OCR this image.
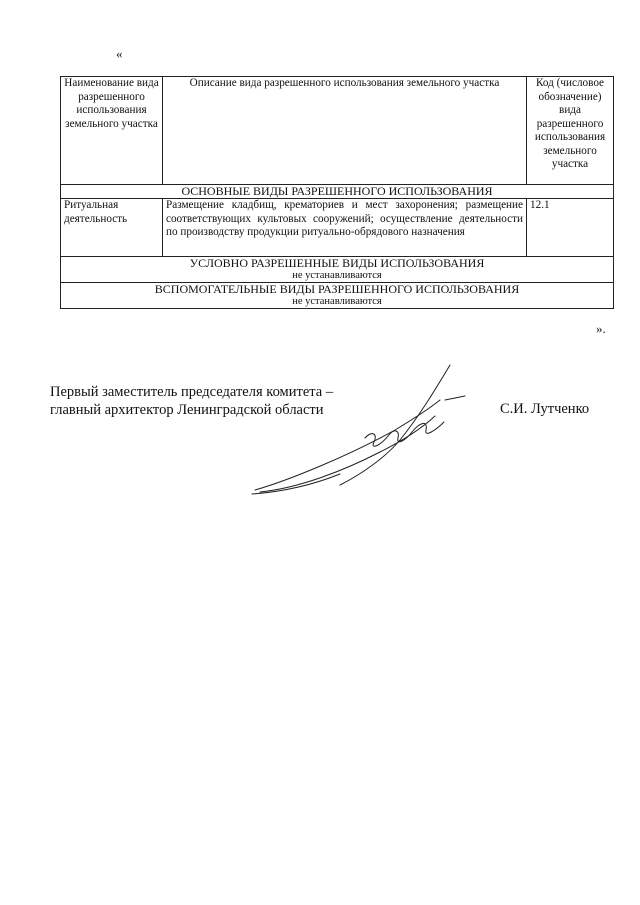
«
Наименование вида разрешенного использования земельного участка	Описание вида разрешенного использования земельного участка	Код (числовое обозначение) вида разрешенного использования земельного участка
ОСНОВНЫЕ ВИДЫ РАЗРЕШЕННОГО ИСПОЛЬЗОВАНИЯ		
Ритуальная деятельность	Размещение кладбищ, крематориев и мест захоронения; размещение соответствующих культовых сооружений; осуществление деятельности по производству продукции ритуально-обрядового назначения	12.1
УСЛОВНО РАЗРЕШЕННЫЕ ВИДЫ ИСПОЛЬЗОВАНИЯ
не устанавливаются		

ВСПОМОГАТЕЛЬНЫЕ ВИДЫ РАЗРЕШЕННОГО ИСПОЛЬЗОВАНИЯ
не устанавливаются		
».
Первый заместитель председателя комитета –
главный архитектор Ленинградской области	С.И. Лутченко
